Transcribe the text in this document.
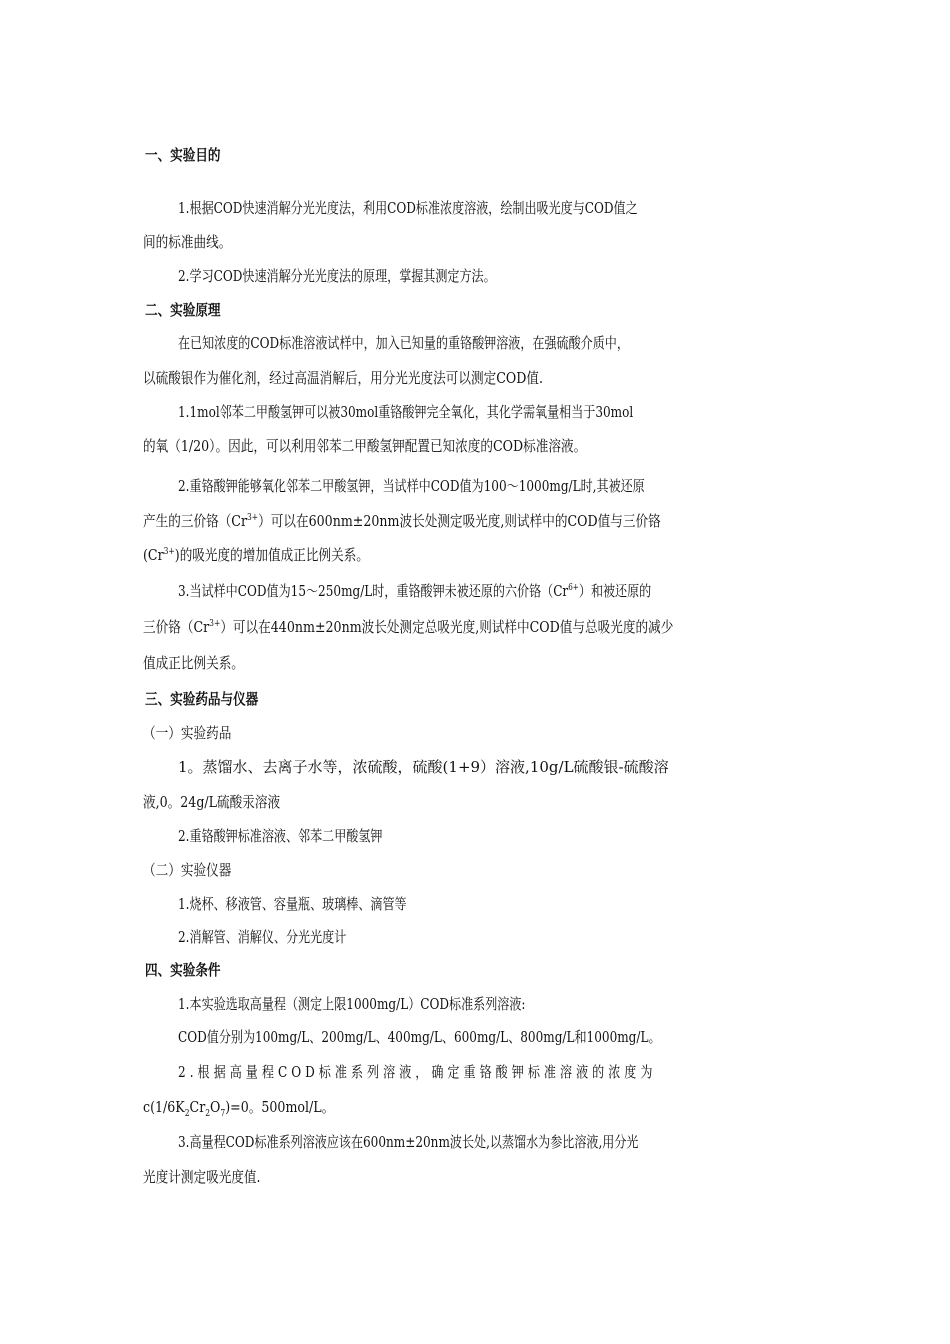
一、实验目的
1.根据COD快速消解分光光度法，利用COD标准浓度溶液，绘制出吸光度与COD值之
间的标准曲线。
2.学习COD快速消解分光光度法的原理，掌握其测定方法。
二、实验原理
在已知浓度的COD标准溶液试样中，加入已知量的重铬酸钾溶液，在强硫酸介质中，
以硫酸银作为催化剂，经过高温消解后，用分光光度法可以测定COD值.
1.1mol邻苯二甲酸氢钾可以被30mol重铬酸钾完全氧化，其化学需氧量相当于30mol
的氧（1/20）。因此，可以利用邻苯二甲酸氢钾配置已知浓度的COD标准溶液。
2.重铬酸钾能够氧化邻苯二甲酸氢钾，当试样中COD值为100～1000mg/L时,其被还原
产生的三价铬$(Cr^{3+})$可以在600nm±20nm波长处测定吸光度,则试样中的COD值与三价铬
$(Cr^{3+})$的吸光度的增加值成正比例关系。
3.当试样中COD值为15～250mg/L时，重铬酸钾未被还原的六价铬$(Cr^{6+})$和被还原的
三价铬$(Cr^{3+})$可以在440nm±20nm波长处测定总吸光度,则试样中COD值与总吸光度的减少
值成正比例关系。
三、实验药品与仪器
（一）实验药品
1。蒸馏水、去离子水等，浓硫酸，硫酸(1+9）溶液,10g/L硫酸银-硫酸溶
液,0。24g/L硫酸汞溶液
2.重铬酸钾标准溶液、邻苯二甲酸氢钾
（二）实验仪器
1.烧杯、移液管、容量瓶、玻璃棒、滴管等
2.消解管、消解仪、分光光度计
四、实验条件
1.本实验选取高量程（测定上限1000mg/L）COD标准系列溶液:
COD值分别为100mg/L、200mg/L、400mg/L、600mg/L、800mg/L和1000mg/L。
2.根据高量程COD标准系列溶液，确定重铬酸钾标准溶液的浓度为
$c(1/6K_2Cr_2O_7)=0$。500mol/L。
3.高量程COD标准系列溶液应该在600nm±20nm波长处,以蒸馏水为参比溶液,用分光
光度计测定吸光度值.
